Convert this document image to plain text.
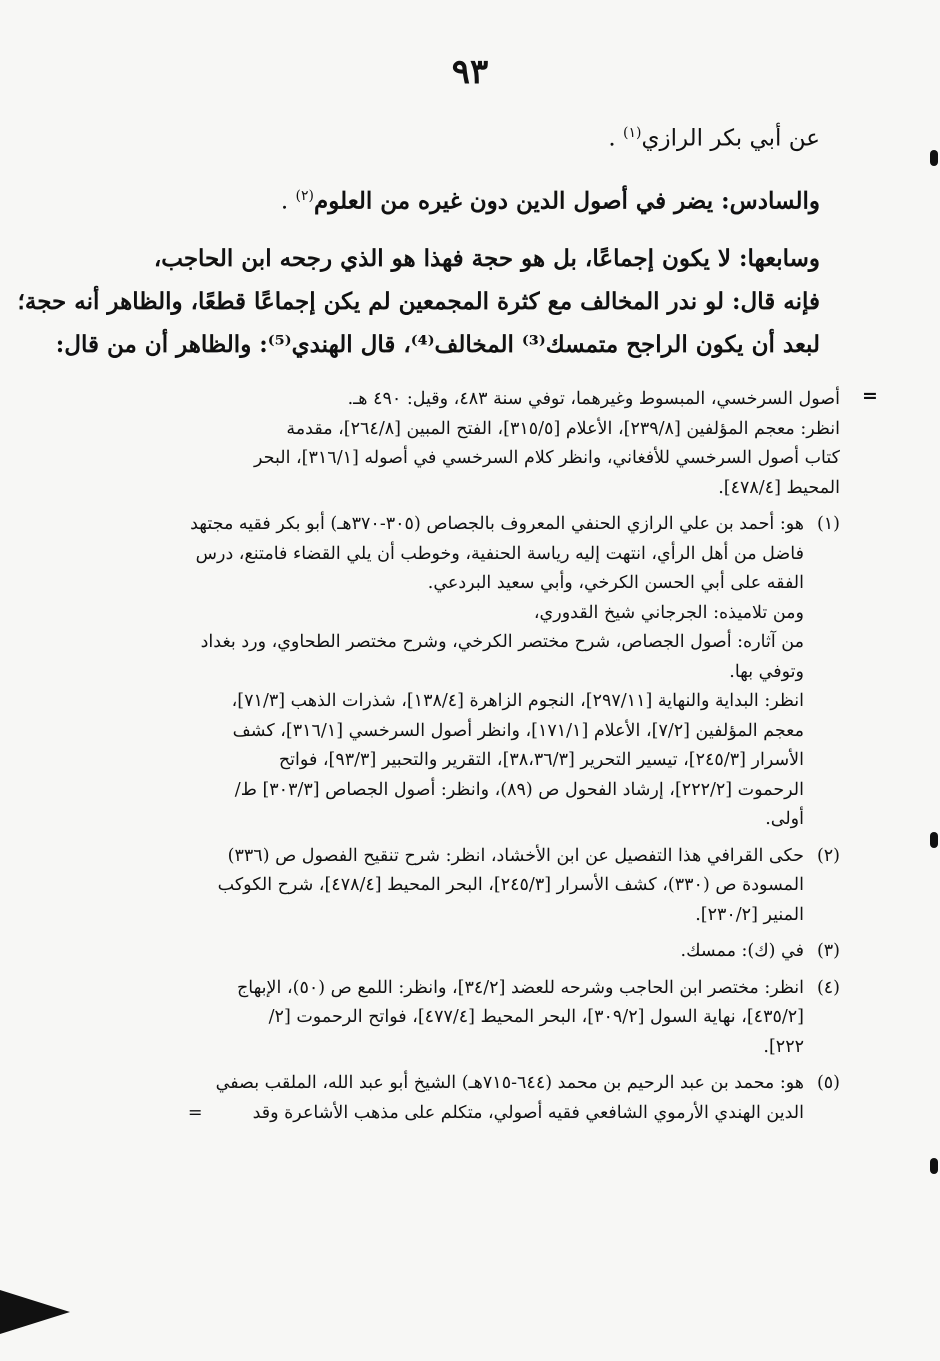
٩٣
عن أبي بكر الرازي$^{(١)}$ .
والسادس: يضر في أصول الدين دون غيره من العلوم$^{(٢)}$ .
وسابعها: لا يكون إجماعًا، بل هو حجة فهذا هو الذي رجحه ابن الحاجب،
فإنه قال: لو ندر المخالف مع كثرة المجمعين لم يكن إجماعًا قطعًا، والظاهر أنه حجة؛
لبعد أن يكون الراجح متمسك⁽³⁾ المخالف⁽⁴⁾، قال الهندي⁽⁵⁾: والظاهر أن من قال:
=
أصول السرخسي، المبسوط وغيرهما، توفي سنة ٤٨٣، وقيل: ٤٩٠ هـ.
انظر: معجم المؤلفين [٢٣٩/٨]، الأعلام [٣١٥/٥]، الفتح المبين [٢٦٤/٨]، مقدمة
كتاب أصول السرخسي للأفغاني، وانظر كلام السرخسي في أصوله [٣١٦/١]، البحر
المحيط [٤٧٨/٤].
(١)هو: أحمد بن علي الرازي الحنفي المعروف بالجصاص (٣٠٥-٣٧٠هـ) أبو بكر فقيه مجتهد
فاضل من أهل الرأي، انتهت إليه رياسة الحنفية، وخوطب أن يلي القضاء فامتنع، درس
الفقه على أبي الحسن الكرخي، وأبي سعيد البردعي.
ومن تلاميذه: الجرجاني شيخ القدوري،
من آثاره: أصول الجصاص، شرح مختصر الكرخي، وشرح مختصر الطحاوي، ورد بغداد
وتوفي بها.
انظر: البداية والنهاية [٢٩٧/١١]، النجوم الزاهرة [١٣٨/٤]، شذرات الذهب [٧١/٣]،
معجم المؤلفين [٧/٢]، الأعلام [١٧١/١]، وانظر أصول السرخسي [٣١٦/١]، كشف
الأسرار [٢٤٥/٣]، تيسير التحرير [٣٨،٣٦/٣]، التقرير والتحبير [٩٣/٣]، فواتح
الرحموت [٢٢٢/٢]، إرشاد الفحول ص (٨٩)، وانظر: أصول الجصاص [٣٠٣/٣] ط/
أولى.
(٢)حكى القرافي هذا التفصيل عن ابن الأخشاد، انظر: شرح تنقيح الفصول ص (٣٣٦)
المسودة ص (٣٣٠)، كشف الأسرار [٢٤٥/٣]، البحر المحيط [٤٧٨/٤]، شرح الكوكب
المنير [٢٣٠/٢].
(٣)في (ك): ممسك.
(٤)انظر: مختصر ابن الحاجب وشرحه للعضد [٣٤/٢]، وانظر: اللمع ص (٥٠)، الإبهاج
[٤٣٥/٢]، نهاية السول [٣٠٩/٢]، البحر المحيط [٤٧٧/٤]، فواتح الرحموت [٢/
٢٢٢].
(٥)هو: محمد بن عبد الرحيم بن محمد (٦٤٤-٧١٥هـ) الشيخ أبو عبد الله، الملقب بصفي
الدين الهندي الأرموي الشافعي فقيه أصولي، متكلم على مذهب الأشاعرة وقد=
